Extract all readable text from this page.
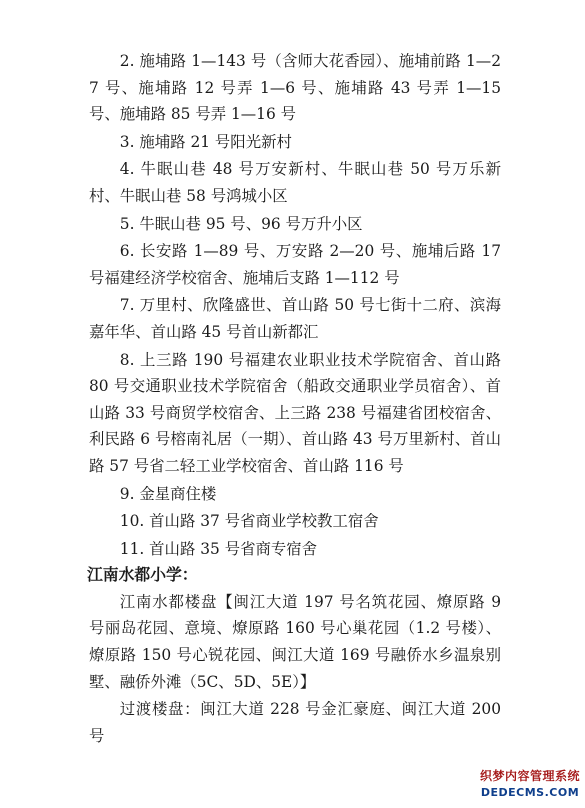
2. 施埔路 1—143 号（含师大花香园）、施埔前路 1—27 号、施埔路 12 号弄 1—6 号、施埔路 43 号弄 1—15 号、施埔路 85 号弄 1—16 号

3. 施埔路 21 号阳光新村

4. 牛眠山巷 48 号万安新村、牛眠山巷 50 号万乐新村、牛眠山巷 58 号鸿城小区

5. 牛眠山巷 95 号、96 号万升小区

6. 长安路 1—89 号、万安路 2—20 号、施埔后路 17 号福建经济学校宿舍、施埔后支路 1—112 号

7. 万里村、欣隆盛世、首山路 50 号七街十二府、滨海嘉年华、首山路 45 号首山新都汇

8. 上三路 190 号福建农业职业技术学院宿舍、首山路 80 号交通职业技术学院宿舍（船政交通职业学员宿舍）、首山路 33 号商贸学校宿舍、上三路 238 号福建省团校宿舍、利民路 6 号榕南礼居（一期）、首山路 43 号万里新村、首山路 57 号省二轻工业学校宿舍、首山路 116 号

9. 金星商住楼

10. 首山路 37 号省商业学校教工宿舍

11. 首山路 35 号省商专宿舍

江南水都小学：

江南水都楼盘【闽江大道 197 号名筑花园、燎原路 9 号丽岛花园、意境、燎原路 160 号心巢花园（1.2 号楼）、燎原路 150 号心锐花园、闽江大道 169 号融侨水乡温泉别墅、融侨外滩（5C、5D、5E）】

过渡楼盘：闽江大道 228 号金汇豪庭、闽江大道 200 号

织梦内容管理系统
DEDECMS.COM
